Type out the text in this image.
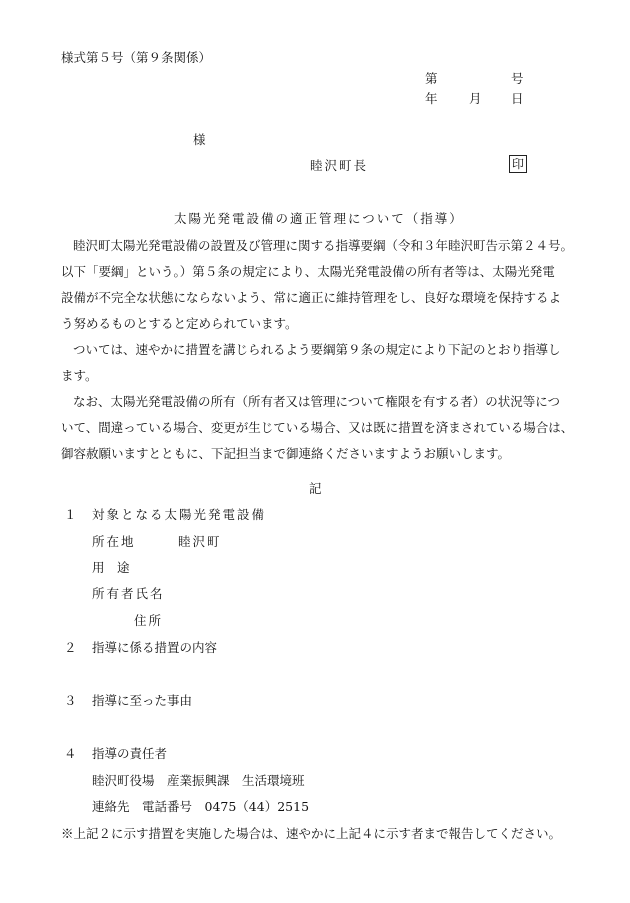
様式第５号（第９条関係）
第	号
年	月 日
様
睦沢町長	印
太陽光発電設備の適正管理について（指導）

睦沢町太陽光発電設備の設置及び管理に関する指導要綱（令和３年睦沢町告示第２４号。

以下「要綱」という。）第５条の規定により、太陽光発電設備の所有者等は、太陽光発電

設備が不完全な状態にならないよう、常に適正に維持管理をし、良好な環境を保持するよ

う努めるものとすると定められています。

ついては、速やかに措置を講じられるよう要綱第９条の規定により下記のとおり指導し

ます。

なお、太陽光発電設備の所有（所有者又は管理について権限を有する者）の状況等につ

いて、間違っている場合、変更が生じている場合、又は既に措置を済まされている場合は、

御容赦願いますとともに、下記担当まで御連絡くださいますようお願いします。

記
１ 対象となる太陽光発電設備
所在地	睦沢町
用　途
所有者氏名
住所
２ 指導に係る措置の内容
３ 指導に至った事由
４ 指導の責任者
睦沢町役場　産業振興課　生活環境班
連絡先　電話番号　0475（44）2515
※上記２に示す措置を実施した場合は、速やかに上記４に示す者まで報告してください。
